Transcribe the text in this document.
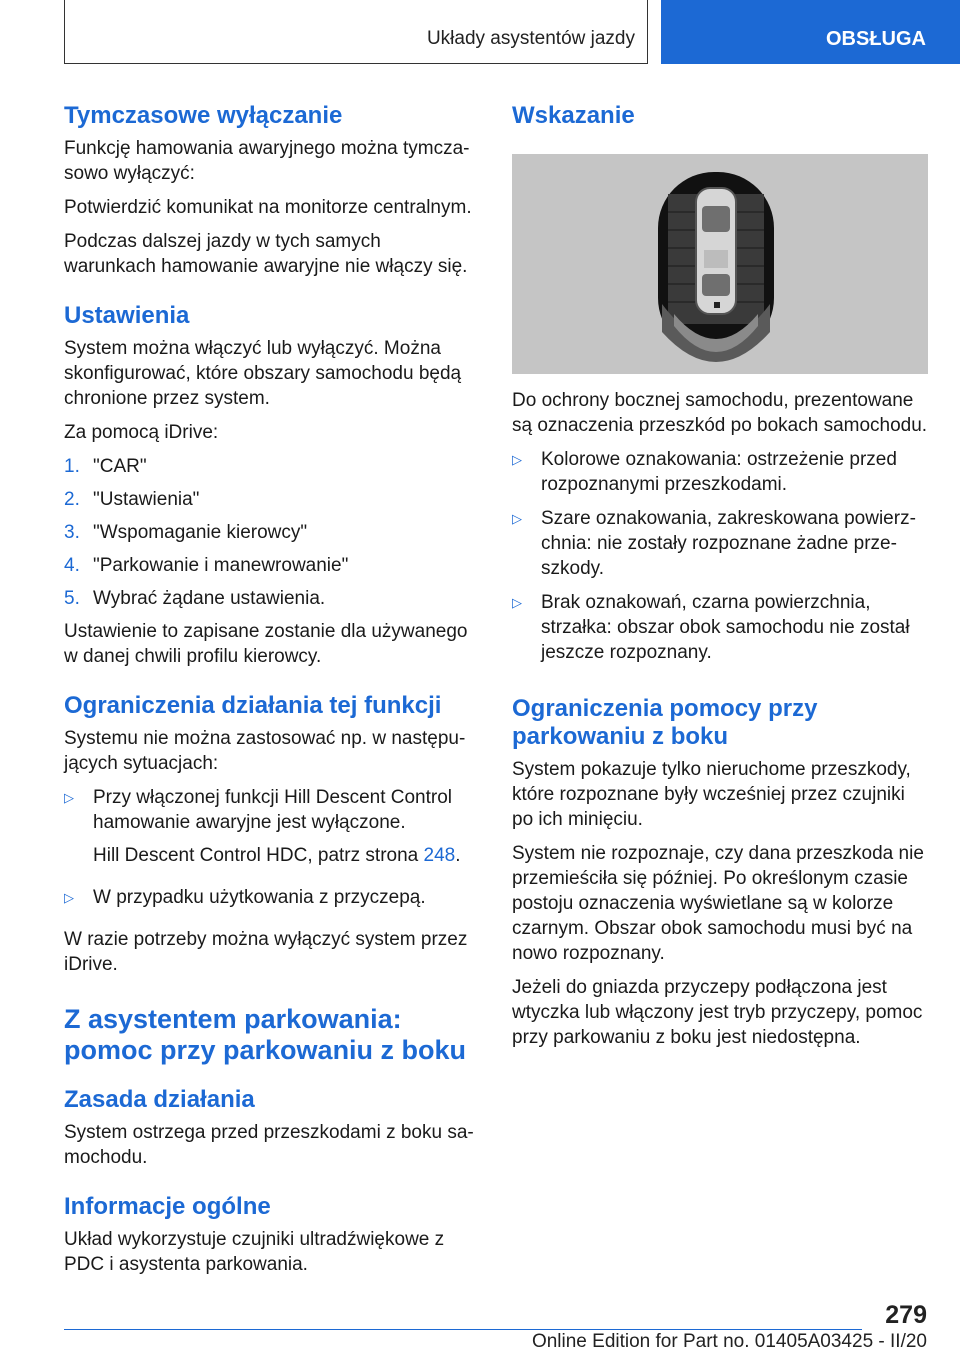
Układy asystentów jazdy	OBSŁUGA
Tymczasowe wyłączanie

Funkcję hamowania awaryjnego można tymcza-sowo wyłączyć:

Potwierdzić komunikat na monitorze centralnym.

Podczas dalszej jazdy w tych samych warunkach hamowanie awaryjne nie włączy się.

Ustawienia

System można włączyć lub wyłączyć. Można skonfigurować, które obszary samochodu będą chronione przez system.

Za pomocą iDrive:

1. "CAR"
2. "Ustawienia"
3. "Wspomaganie kierowcy"
4. "Parkowanie i manewrowanie"
5. Wybrać żądane ustawienia.

Ustawienie to zapisane zostanie dla używanego w danej chwili profilu kierowcy.

Ograniczenia działania tej funkcji

Systemu nie można zastosować np. w następu-jących sytuacjach:

▷	Przy włączonej funkcji Hill Descent Control hamowanie awaryjne jest wyłączone.

Hill Descent Control HDC, patrz strona 248.

▷	W przypadku użytkowania z przyczepą.

W razie potrzeby można wyłączyć system przez iDrive.

Z asystentem parkowania: pomoc przy parkowaniu z boku
Zasada działania

System ostrzega przed przeszkodami z boku sa-mochodu.

Informacje ogólne

Układ wykorzystuje czujniki ultradźwiękowe z PDC i asystenta parkowania.

Wskazanie

Do ochrony bocznej samochodu, prezentowane są oznaczenia przeszkód po bokach samochodu.

▷	Kolorowe oznakowania: ostrzeżenie przed rozpoznanymi przeszkodami.
▷	Szare oznakowania, zakreskowana powierz-chnia: nie zostały rozpoznane żadne prze-szkody.
▷	Brak oznakowań, czarna powierzchnia, strzałka: obszar obok samochodu nie został jeszcze rozpoznany.
Ograniczenia pomocy przy parkowaniu z boku

System pokazuje tylko nieruchome przeszkody, które rozpoznane były wcześniej przez czujniki po ich minięciu.

System nie rozpoznaje, czy dana przeszkoda nie przemieściła się później. Po określonym czasie postoju oznaczenia wyświetlane są w kolorze czarnym. Obszar obok samochodu musi być na nowo rozpoznany.

Jeżeli do gniazda przyczepy podłączona jest wtyczka lub włączony jest tryb przyczepy, pomoc przy parkowaniu z boku jest niedostępna.

279
Online Edition for Part no. 01405A03425 - II/20
